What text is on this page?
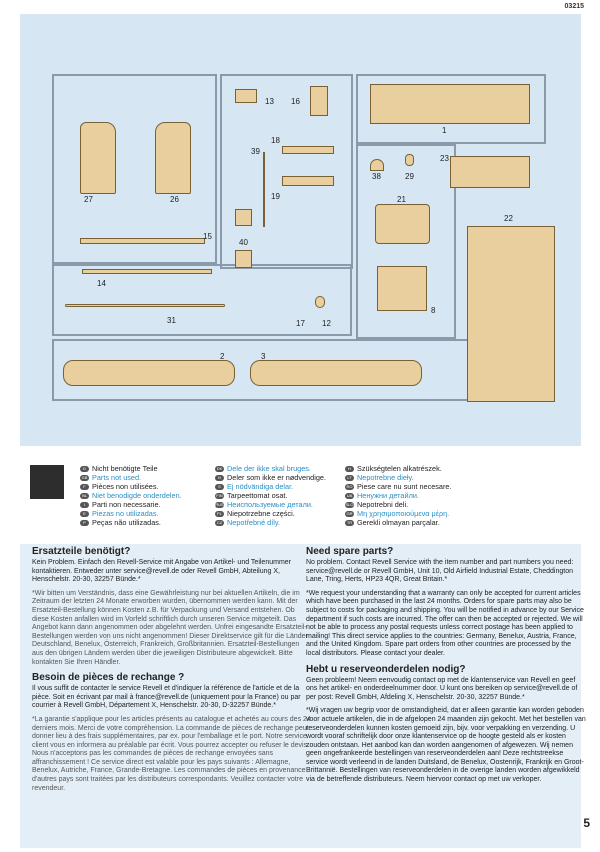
03215
1
2	3
8
12
13
14
15
16
17
18
19	21
22
23
26
27
29
31
38
39
40
D Nicht benötigte Teile
GB Parts not used.
F Pièces non utilisées.
NL Niet benodigde onderdelen.
I Parti non necessarie.
E Piezas no utilizadas.
P Peças não utilizadas.
DK Dele der ikke skal bruges.
N Deler som ikke er nødvendige.
S Ej nödvändiga delar.
FIN Tarpeettomat osat.
RUS Неиспользуемые детали.
PL Niepotrzebne części.
CZ Nepotřebné díly.
H Szükségtelen alkatrészek.
LT Nepotrebne dieły.
RO Piese care nu sunt necesare.
UA Ненужни детайли.
SLO Nepotrebni deli.
GR Μη χρησιμοποιούμενα μέρη.
TR Gerekli olmayan parçalar.
Ersatzteile benötigt?

Kein Problem. Einfach den Revell-Service mit Angabe von Artikel- und Teilenummer kontaktieren. Entweder unter service@revell.de oder Revell GmbH, Abteilung X, Henschelstr. 20-30, 32257 Bünde.*

*Wir bitten um Verständnis, dass eine Gewährleistung nur bei aktuellen Artikeln, die im Zeitraum der letzten 24 Monate erworben wurden, übernommen werden kann. Mit der Ersatzteil-Bestellung können Kosten z.B. für Verpackung und Versand entstehen. Ob diese Kosten anfallen wird im Vorfeld schriftlich durch unseren Service mitgeteilt. Das Angebot kann dann angenommen oder abgelehnt werden. Unfrei eingesandte Ersatzteil-Bestellungen werden von uns nicht angenommen! Dieser Direktservice gilt für die Länder Deutschland, Benelux, Österreich, Frankreich, Großbritannien. Ersatzteil-Bestellungen aus den übrigen Ländern werden über die jeweiligen Distributeure abgewickelt. Bitte kontakten Sie Ihren Händler.

Besoin de pièces de rechange ?

Il vous suffit de contacter le service Revell et d'indiquer la référence de l'article et de la pièce. Soit en écrivant par mail à france@revell.de (uniquement pour la France) ou par courrier à Revell GmbH, Département X, Henschelstr. 20-30, D-32257 Bünde.*

*La garantie s'applique pour les articles présents au catalogue et achetés au cours des 24 derniers mois. Merci de votre compréhension. La commande de pièces de rechange peut donner lieu à des frais supplémentaires, par ex. pour l'emballage et le port. Notre service client vous en informera au préalable par écrit. Vous pourrez accepter ou refuser le devis. Nous n'acceptons pas les commandes de pièces de rechange envoyées sans affranchissement ! Ce service direct est valable pour les pays suivants : Allemagne, Benelux, Autriche, France, Grande-Bretagne. Les commandes de pièces en provenance d'autres pays sont traitées par les distributeurs correspondants. Veuillez contacter votre revendeur.

Need spare parts?

No problem. Contact Revell Service with the item number and part numbers you need: service@revell.de or Revell GmbH, Unit 10, Old Airfield Industrial Estate, Cheddington Lane, Tring, Herts, HP23 4QR, Great Britain.*

*We request your understanding that a warranty can only be accepted for current articles which have been purchased in the last 24 months. Orders for spare parts may also be subject to costs for packaging and shipping. You will be notified in advance by our Service department if such costs are incurred. The offer can then be accepted or rejected. We will not be able to process any postal requests unless correct postage has been applied to mailing! This direct service applies to the countries: Germany, Benelux, Austria, France, and the United Kingdom. Spare part orders from other countries are processed by the local distributors. Please contact your dealer.

Hebt u reserveonderdelen nodig?

Geen probleem! Neem eenvoudig contact op met de klantenservice van Revell en geef ons het artikel- en onderdeelnummer door. U kunt ons bereiken op service@revell.de of per post: Revell GmbH, Afdeling X, Henschelstr. 20-30, 32257 Bünde.*

*Wij vragen uw begrip voor de omstandigheid, dat er alleen garantie kan worden geboden voor actuele artikelen, die in de afgelopen 24 maanden zijn gekocht. Met het bestellen van reserveonderdelen kunnen kosten gemoeid zijn, bijv. voor verpakking en verzending. U wordt vooraf schriftelijk door onze klantenservice op de hoogte gesteld als er kosten zouden ontstaan. Het aanbod kan dan worden aangenomen of afgewezen. Wij nemen geen ongefrankeerde bestellingen van reserveonderdelen aan! Deze rechtstreekse service wordt verleend in de landen Duitsland, de Benelux, Oostenrijk, Frankrijk en Groot-Brittannië. Bestellingen van reserveonderdelen in de overige landen worden afgewikkeld via de betreffende distributeurs. Neem hiervoor contact op met uw verkoper.

5
